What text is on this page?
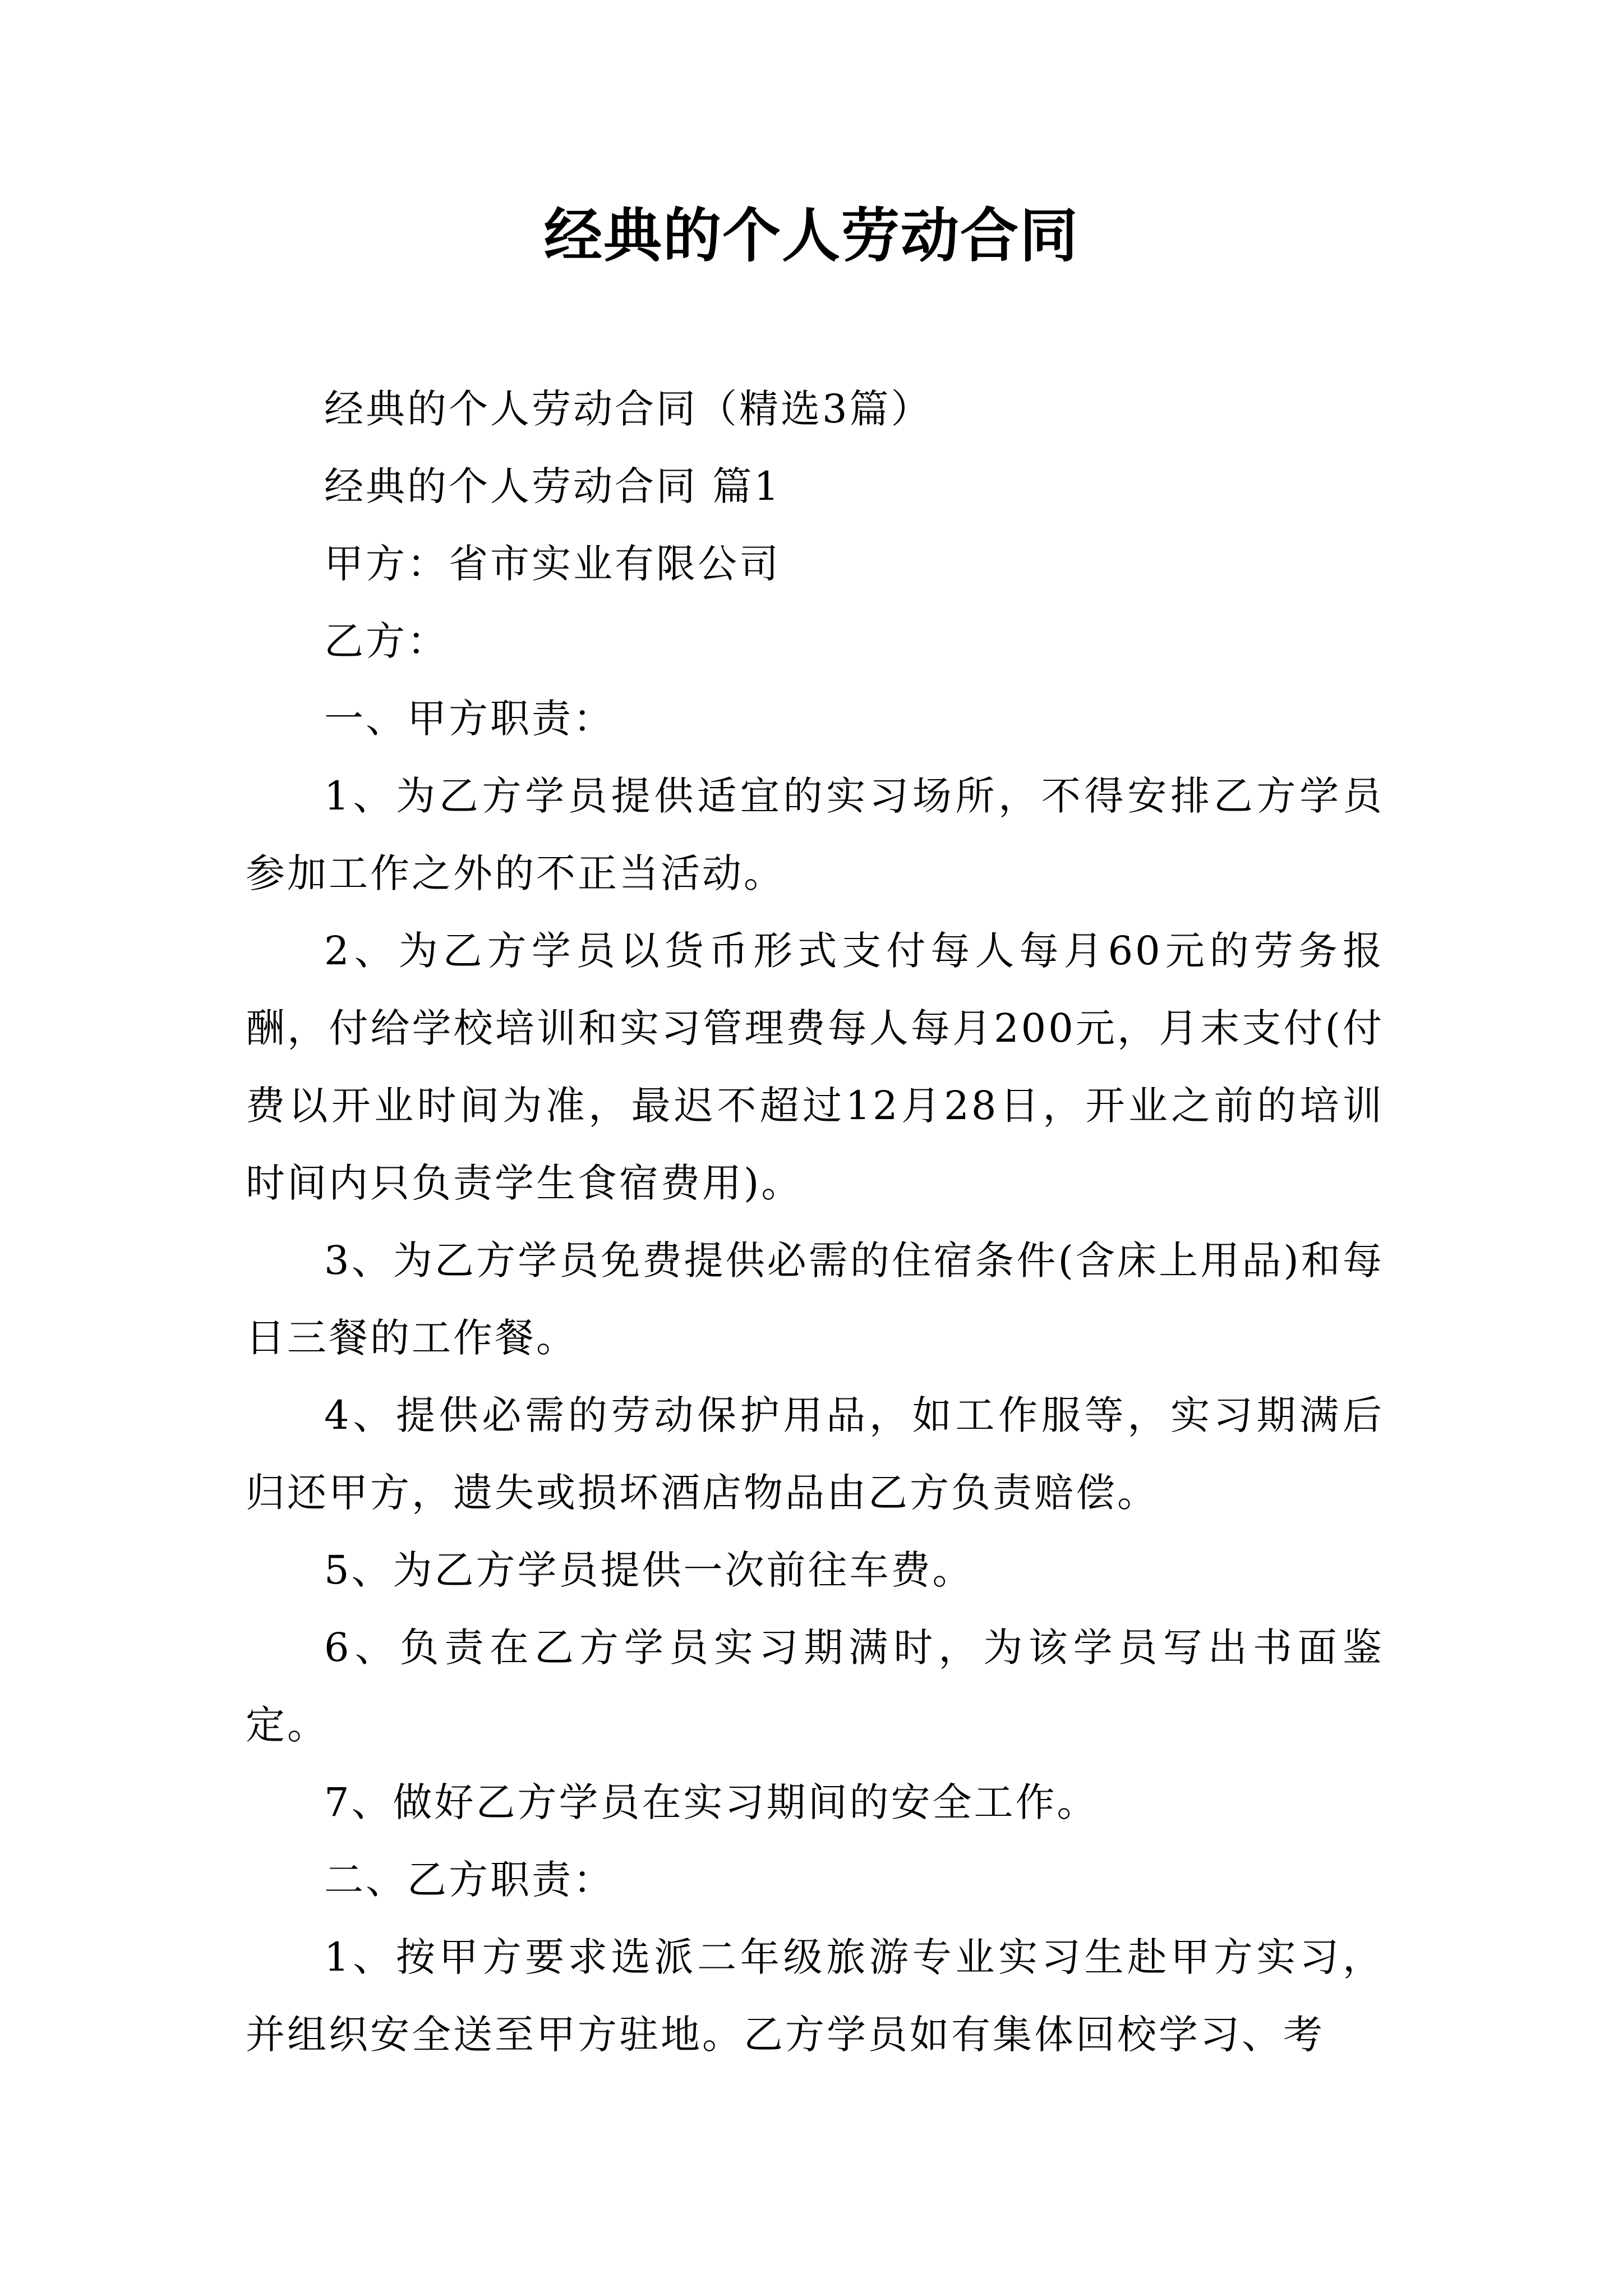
经典的个人劳动合同

经典的个人劳动合同（精选3篇）

经典的个人劳动合同 篇1

甲方：省市实业有限公司

乙方：

一、甲方职责：

1、为乙方学员提供适宜的实习场所，不得安排乙方学员参加工作之外的不正当活动。

2、为乙方学员以货币形式支付每人每月60元的劳务报酬，付给学校培训和实习管理费每人每月200元，月末支付(付费以开业时间为准，最迟不超过12月28日，开业之前的培训时间内只负责学生食宿费用)。

3、为乙方学员免费提供必需的住宿条件(含床上用品)和每日三餐的工作餐。

4、提供必需的劳动保护用品，如工作服等，实习期满后归还甲方，遗失或损坏酒店物品由乙方负责赔偿。

5、为乙方学员提供一次前往车费。

6、负责在乙方学员实习期满时，为该学员写出书面鉴定。

7、做好乙方学员在实习期间的安全工作。

二、乙方职责：

1、按甲方要求选派二年级旅游专业实习生赴甲方实习，并组织安全送至甲方驻地。乙方学员如有集体回校学习、考
